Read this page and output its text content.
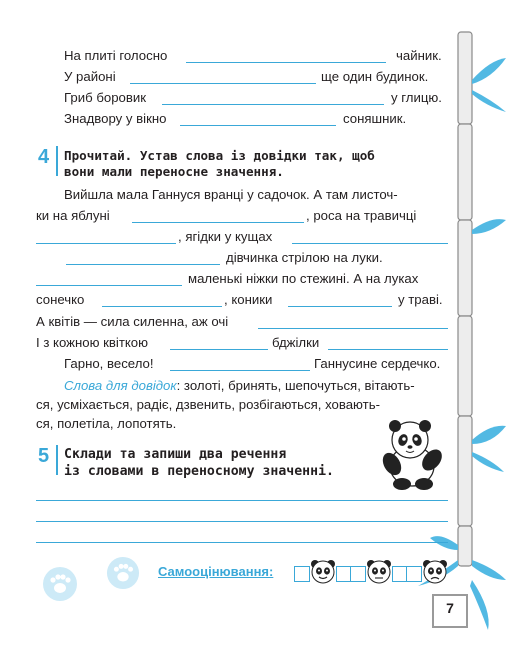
На плиті голосно	чайник.
У районі	ще один будинок.
Гриб боровик	у глицю.
Знадвору у вікно	соняшник.
4 Прочитай. Устав слова із довідки так, щоб
вони мали переносне значення.
Вийшла мала Ганнуся вранці у садочок. А там листоч-
ки на яблуні	, роса на травичці
, ягідки у кущах
дівчинка стрілою на луки.
маленькі ніжки по стежині. А на луках
сонечко	, коники	у траві.
А квітів — сила силенна, аж очі
І з кожною квіткою	бджілки
Гарно, весело!	Ганнусине сердечко.
Слова для довідок: золоті, бринять, шепочуться, вітають-
ся, усміхається, радіє, дзвенить, розбігаються, ховають-
ся, полетіла, лопотять.
5 Склади та запиши два речення
із словами в переносному значенні.
Самооцінювання:
7
